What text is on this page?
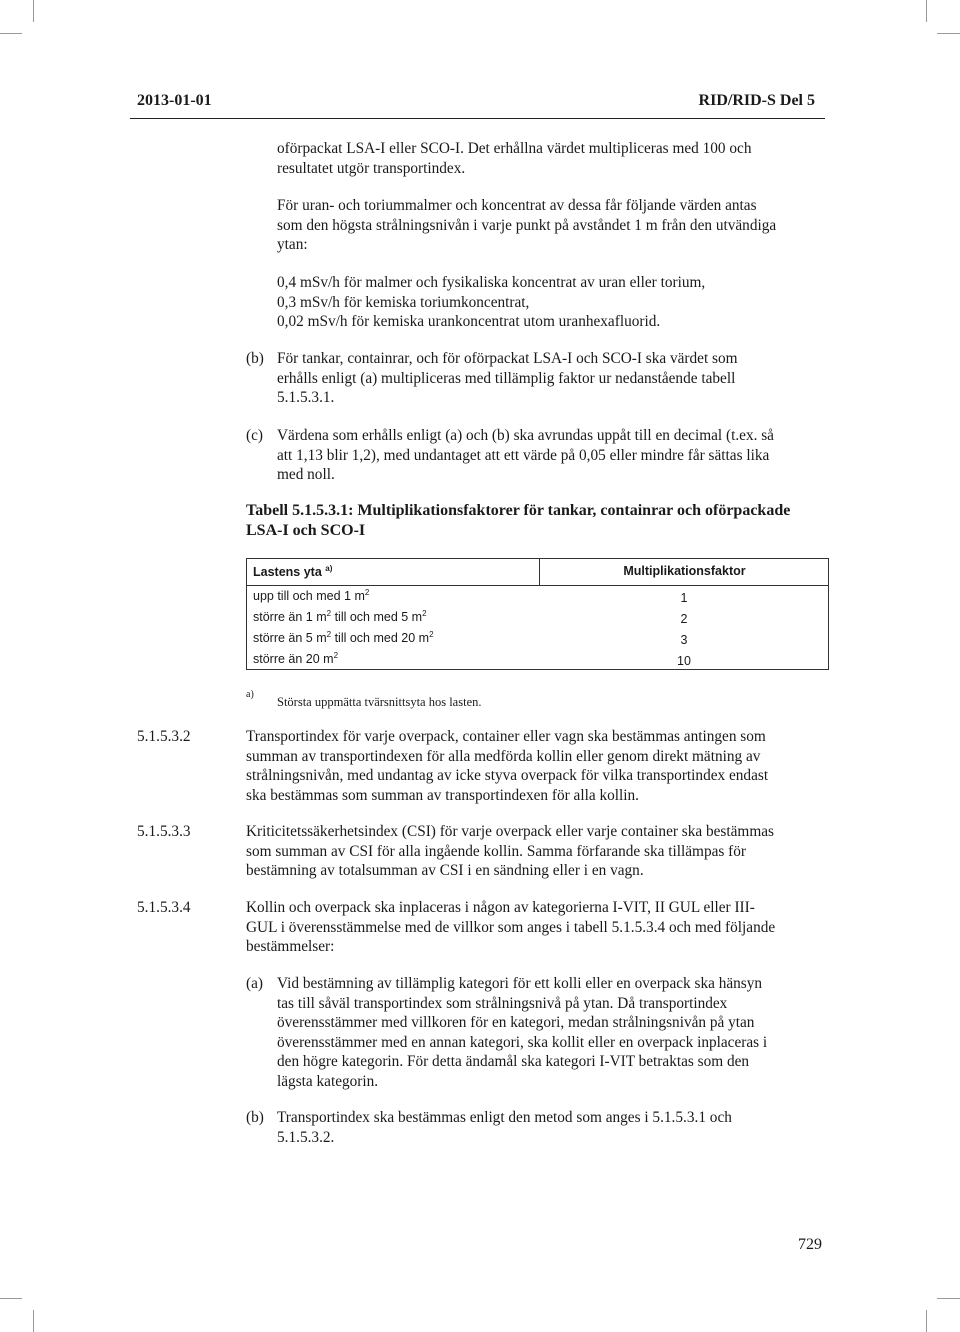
2013-01-01	RID/RID-S Del 5
oförpackat LSA-I eller SCO-I. Det erhållna värdet multipliceras med 100 och
resultatet utgör transportindex.
För uran- och toriummalmer och koncentrat av dessa får följande värden antas
som den högsta strålningsnivån i varje punkt på avståndet 1 m från den utvändiga
ytan:
0,4 mSv/h för malmer och fysikaliska koncentrat av uran eller torium,
0,3 mSv/h för kemiska toriumkoncentrat,
0,02 mSv/h för kemiska urankoncentrat utom uranhexafluorid.
(b) För tankar, containrar, och för oförpackat LSA-I och SCO-I ska värdet som
erhålls enligt (a) multipliceras med tillämplig faktor ur nedanstående tabell
5.1.5.3.1.
(c) Värdena som erhålls enligt (a) och (b) ska avrundas uppåt till en decimal (t.ex. så
att 1,13 blir 1,2), med undantaget att ett värde på 0,05 eller mindre får sättas lika
med noll.
Tabell 5.1.5.3.1: Multiplikationsfaktorer för tankar, containrar och oförpackade
LSA-I och SCO-I
Lastens yta $^{a)}$	Multiplikationsfaktor
upp till och med 1 $m^2$	1
större än 1 $m^2$ till och med 5 $m^2$	2
större än 5 $m^2$ till och med 20 $m^2$	3
större än 20 $m^2$	10
a)
Största uppmätta tvärsnittsyta hos lasten.
5.1.5.3.2	Transportindex för varje overpack, container eller vagn ska bestämmas antingen som
summan av transportindexen för alla medförda kollin eller genom direkt mätning av
strålningsnivån, med undantag av icke styva overpack för vilka transportindex endast
ska bestämmas som summan av transportindexen för alla kollin.
5.1.5.3.3	Kriticitetssäkerhetsindex (CSI) för varje overpack eller varje container ska bestämmas
som summan av CSI för alla ingående kollin. Samma förfarande ska tillämpas för
bestämning av totalsumman av CSI i en sändning eller i en vagn.
5.1.5.3.4	Kollin och overpack ska inplaceras i någon av kategorierna I-VIT, II GUL eller III-
GUL i överensstämmelse med de villkor som anges i tabell 5.1.5.3.4 och med följande
bestämmelser:
(a) Vid bestämning av tillämplig kategori för ett kolli eller en overpack ska hänsyn
tas till såväl transportindex som strålningsnivå på ytan. Då transportindex
överensstämmer med villkoren för en kategori, medan strålningsnivån på ytan
överensstämmer med en annan kategori, ska kollit eller en overpack inplaceras i
den högre kategorin. För detta ändamål ska kategori I-VIT betraktas som den
lägsta kategorin.
(b) Transportindex ska bestämmas enligt den metod som anges i 5.1.5.3.1 och
5.1.5.3.2.
729
